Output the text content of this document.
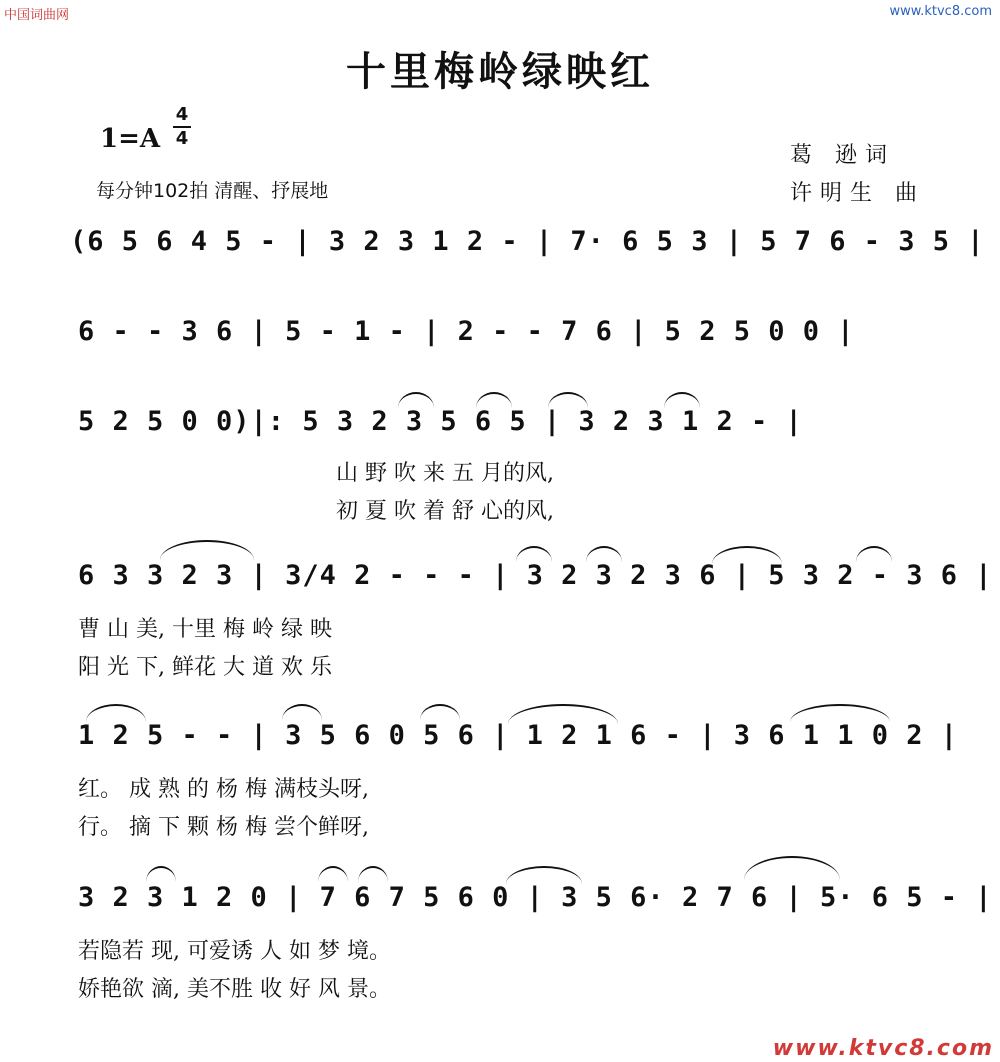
中国词曲网	www.ktvc8.com
十里梅岭绿映红
1=A
4
4
每分钟102拍 清醒、抒展地
葛 逊词
许明生 曲
(6 5 6 4 5 - | 3 2 3 1 2 - | 7· 6 5 3 | 5 7 6 - 3 5 |
6 - - 3 6 | 5 - 1 - | 2 - - 7 6 | 5 2 5 0 0 |
5 2 5 0 0)|: 5 3 2 3 5 6 5 | 3 2 3 1 2 - |
山 野 吹 来 五 月的风,
初 夏 吹 着 舒 心的风,
6 3 3 2 3 | 3/4 2 - - - | 3 2 3 2 3 6 | 5 3 2 - 3 6 |
曹 山 美, 十里 梅 岭 绿 映
阳 光 下, 鲜花 大 道 欢 乐
1 2 5 - - | 3 5 6 0 5 6 | 1 2 1 6 - | 3 6 1 1 0 2 |
红。 成 熟 的 杨 梅 满枝头呀,
行。 摘 下 颗 杨 梅 尝个鲜呀,
3 2 3 1 2 0 | 7 6 7 5 6 0 | 3 5 6· 2 7 6 | 5· 6 5 - |
若隐若 现, 可爱诱 人 如 梦 境。
娇艳欲 滴, 美不胜 收 好 风 景。
www.ktvc8.com
